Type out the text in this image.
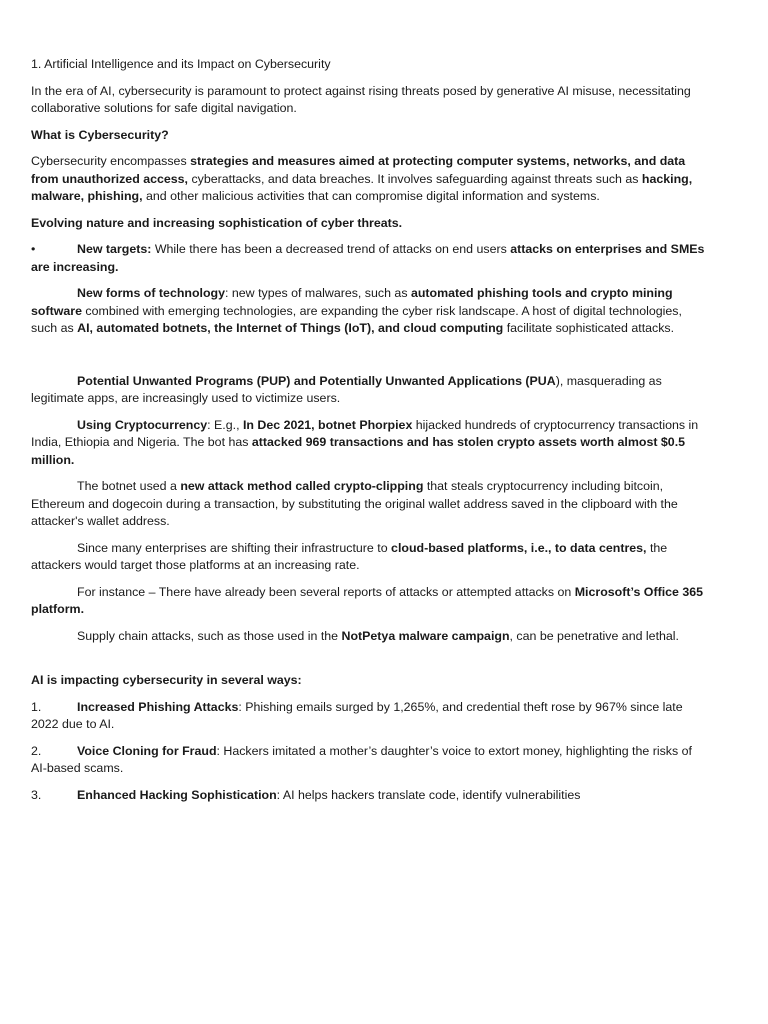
1. Artificial Intelligence and its Impact on Cybersecurity

In the era of AI, cybersecurity is paramount to protect against rising threats posed by generative AI misuse, necessitating collaborative solutions for safe digital navigation.

What is Cybersecurity?

Cybersecurity encompasses strategies and measures aimed at protecting computer systems, networks, and data from unauthorized access, cyberattacks, and data breaches. It involves safeguarding against threats such as hacking, malware, phishing, and other malicious activities that can compromise digital information and systems.

Evolving nature and increasing sophistication of cyber threats.

•	New targets: While there has been a decreased trend of attacks on end users attacks on enterprises and SMEs are increasing.

New forms of technology: new types of malwares, such as automated phishing tools and crypto mining software combined with emerging technologies, are expanding the cyber risk landscape. A host of digital technologies, such as AI, automated botnets, the Internet of Things (IoT), and cloud computing facilitate sophisticated attacks.

Potential Unwanted Programs (PUP) and Potentially Unwanted Applications (PUA), masquerading as legitimate apps, are increasingly used to victimize users.

Using Cryptocurrency: E.g., In Dec 2021, botnet Phorpiex hijacked hundreds of cryptocurrency transactions in India, Ethiopia and Nigeria. The bot has attacked 969 transactions and has stolen crypto assets worth almost $0.5 million.

The botnet used a new attack method called crypto-clipping that steals cryptocurrency including bitcoin, Ethereum and dogecoin during a transaction, by substituting the original wallet address saved in the clipboard with the attacker's wallet address.

Since many enterprises are shifting their infrastructure to cloud-based platforms, i.e., to data centres, the attackers would target those platforms at an increasing rate.

For instance – There have already been several reports of attacks or attempted attacks on Microsoft’s Office 365 platform.

Supply chain attacks, such as those used in the NotPetya malware campaign, can be penetrative and lethal.

AI is impacting cybersecurity in several ways:

1.	Increased Phishing Attacks: Phishing emails surged by 1,265%, and credential theft rose by 967% since late 2022 due to AI.

2.	Voice Cloning for Fraud: Hackers imitated a mother’s daughter’s voice to extort money, highlighting the risks of AI-based scams.

3.	Enhanced Hacking Sophistication: AI helps hackers translate code, identify vulnerabilities
